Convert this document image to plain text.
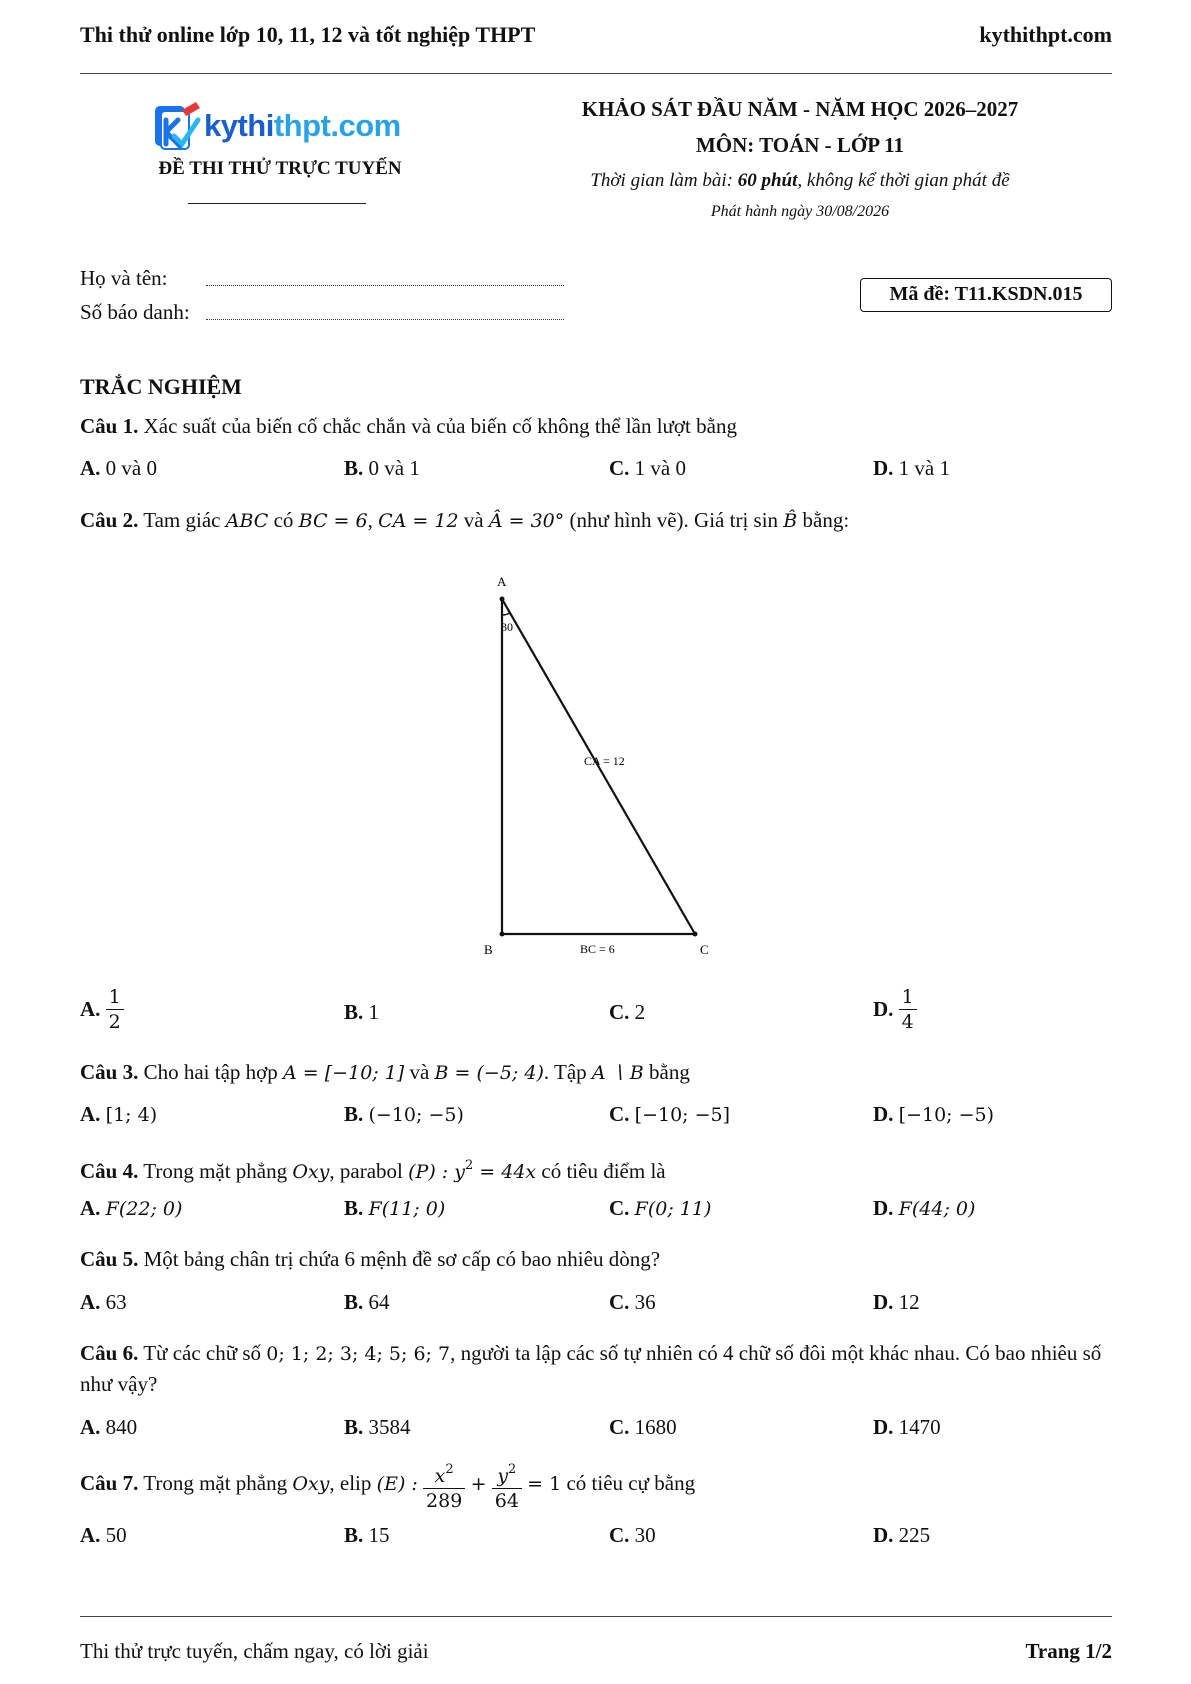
Thi thử online lớp 10, 11, 12 và tốt nghiệp THPT	kythithpt.com
kythithpt.com
ĐỀ THI THỬ TRỰC TUYẾN
KHẢO SÁT ĐẦU NĂM - NĂM HỌC 2026–2027
MÔN: TOÁN - LỚP 11
Thời gian làm bài: 60 phút, không kể thời gian phát đề
Phát hành ngày 30/08/2026
Họ và tên:
Số báo danh:
Mã đề: T11.KSDN.015
TRẮC NGHIỆM
Câu 1. Xác suất của biến cố chắc chắn và của biến cố không thể lần lượt bằng
A. 0 và 0	B. 0 và 1	C. 1 và 0	D. 1 và 1
Câu 2. Tam giác ABC có BC = 6, CA = 12 và Â = 30° (như hình vẽ). Giá trị sin B̂ bằng:
A
B	C
30
CA = 12
BC = 6
A. $\frac{1}{2}$	B. 1	C. 2	D. $\frac{1}{4}$
Câu 3. Cho hai tập hợp A = [−10; 1] và B = (−5; 4). Tập A ∖ B bằng
A. [1; 4)	B. (−10; −5)	C. [−10; −5]	D. [−10; −5)
Câu 4. Trong mặt phẳng Oxy, parabol (P) : $y^2 = 44x$ có tiêu điểm là
A. F(22; 0)	B. F(11; 0)	C. F(0; 11)	D. F(44; 0)
Câu 5. Một bảng chân trị chứa 6 mệnh đề sơ cấp có bao nhiêu dòng?
A. 63	B. 64	C. 36	D. 12
Câu 6. Từ các chữ số 0; 1; 2; 3; 4; 5; 6; 7, người ta lập các số tự nhiên có 4 chữ số đôi một khác nhau. Có bao nhiêu số như vậy?
A. 840	B. 3584	C. 1680	D. 1470
Câu 7. Trong mặt phẳng Oxy, elip (E) : $\frac{x^2}{289} + \frac{y^2}{64} = 1$ có tiêu cự bằng
A. 50	B. 15	C. 30	D. 225
Thi thử trực tuyến, chấm ngay, có lời giải	Trang 1/2
